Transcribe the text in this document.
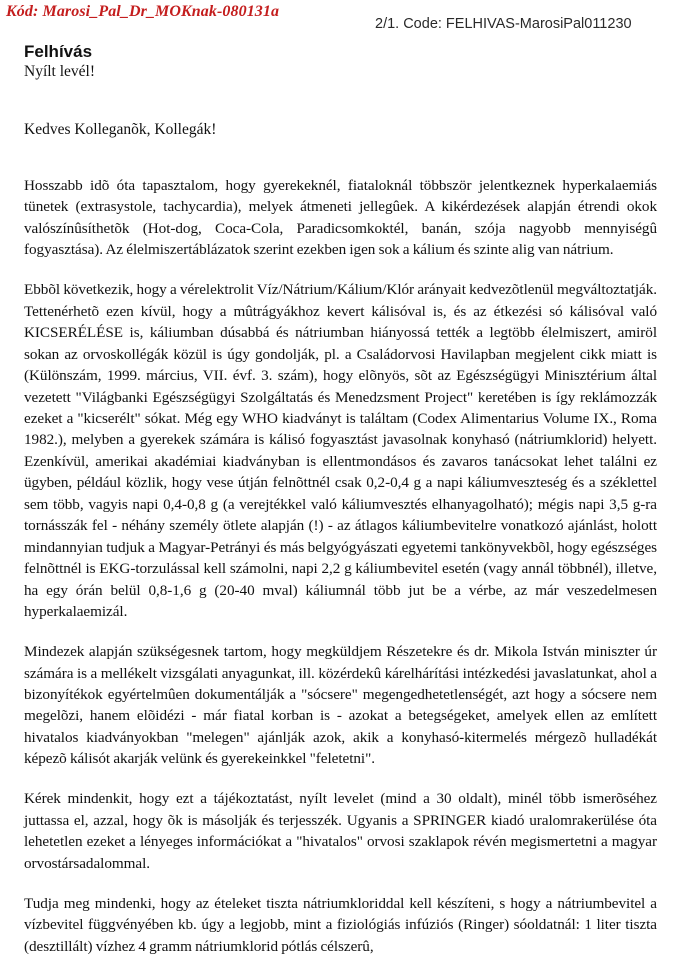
Kód: Marosi_Pal_Dr_MOKnak-080131a
2/1. Code: FELHIVAS-MarosiPal011230
Felhívás
Nyílt levél!
Kedves Kolleganõk, Kollegák!

Hosszabb idõ óta tapasztalom, hogy gyerekeknél, fiataloknál többször jelentkeznek hyperkalaemiás tünetek (extrasystole, tachycardia), melyek átmeneti jellegûek. A kikérdezések alapján étrendi okok valószínûsíthetõk (Hot-dog, Coca-Cola, Paradicsomkoktél, banán, szója nagyobb mennyiségû fogyasztása). Az élelmiszertáblázatok szerint ezekben igen sok a kálium és szinte alig van nátrium.

Ebbõl következik, hogy a vérelektrolit Víz/Nátrium/Kálium/Klór arányait kedvezõtlenül megváltoztatják. Tettenérhetõ ezen kívül, hogy a mûtrágyákhoz kevert kálisóval is, és az étkezési só kálisóval való KICSERÉLÉSE is, káliumban dúsabbá és nátriumban hiányossá tették a legtöbb élelmiszert, amiröl sokan az orvoskollégák közül is úgy gondolják, pl. a Családorvosi Havilapban megjelent cikk miatt is (Különszám, 1999. március, VII. évf. 3. szám), hogy elõnyös, sõt az Egészségügyi Minisztérium által vezetett "Világbanki Egészségügyi Szolgáltatás és Menedzsment Project" keretében is így reklámozzák ezeket a "kicserélt" sókat. Még egy WHO kiadványt is találtam (Codex Alimentarius Volume IX., Roma 1982.), melyben a gyerekek számára is kálisó fogyasztást javasolnak konyhasó (nátriumklorid) helyett. Ezenkívül, amerikai akadémiai kiadványban is ellentmondásos és zavaros tanácsokat lehet találni ez ügyben, például közlik, hogy vese útján felnõttnél csak 0,2-0,4 g a napi káliumveszteség és a széklettel sem több, vagyis napi 0,4-0,8 g (a verejtékkel való káliumvesztés elhanyagolható); mégis napi 3,5 g-ra tornásszák fel - néhány személy ötlete alapján (!) - az átlagos káliumbevitelre vonatkozó ajánlást, holott mindannyian tudjuk a Magyar-Petrányi és más belgyógyászati egyetemi tankönyvekbõl, hogy egészséges felnõttnél is EKG-torzulással kell számolni, napi 2,2 g káliumbevitel esetén (vagy annál többnél), illetve, ha egy órán belül 0,8-1,6 g (20-40 mval) káliumnál több jut be a vérbe, az már veszedelmesen hyperkalaemizál.

Mindezek alapján szükségesnek tartom, hogy megküldjem Részetekre és dr. Mikola István miniszter úr számára is a mellékelt vizsgálati anyagunkat, ill. közérdekû kárelhárítási intézkedési javaslatunkat, ahol a bizonyítékok egyértelmûen dokumentálják a "sócsere" megengedhetetlenségét, azt hogy a sócsere nem megelõzi, hanem elõidézi - már fiatal korban is - azokat a betegségeket, amelyek ellen az említett hivatalos kiadványokban "melegen" ajánlják azok, akik a konyhasó-kitermelés mérgezõ hulladékát képezõ kálisót akarják velünk és gyerekeinkkel "feletetni".

Kérek mindenkit, hogy ezt a tájékoztatást, nyílt levelet (mind a 30 oldalt), minél több ismerõséhez juttassa el, azzal, hogy õk is másolják és terjesszék. Ugyanis a SPRINGER kiadó uralomrakerülése óta lehetetlen ezeket a lényeges információkat a "hivatalos" orvosi szaklapok révén megismertetni a magyar orvostársadalommal.

Tudja meg mindenki, hogy az ételeket tiszta nátriumkloriddal kell készíteni, s hogy a nátriumbevitel a vízbevitel függvényében kb. úgy a legjobb, mint a fiziológiás infúziós (Ringer) sóoldatnál: 1 liter tiszta (desztillált) vízhez 4 gramm nátriumklorid pótlás célszerû,
